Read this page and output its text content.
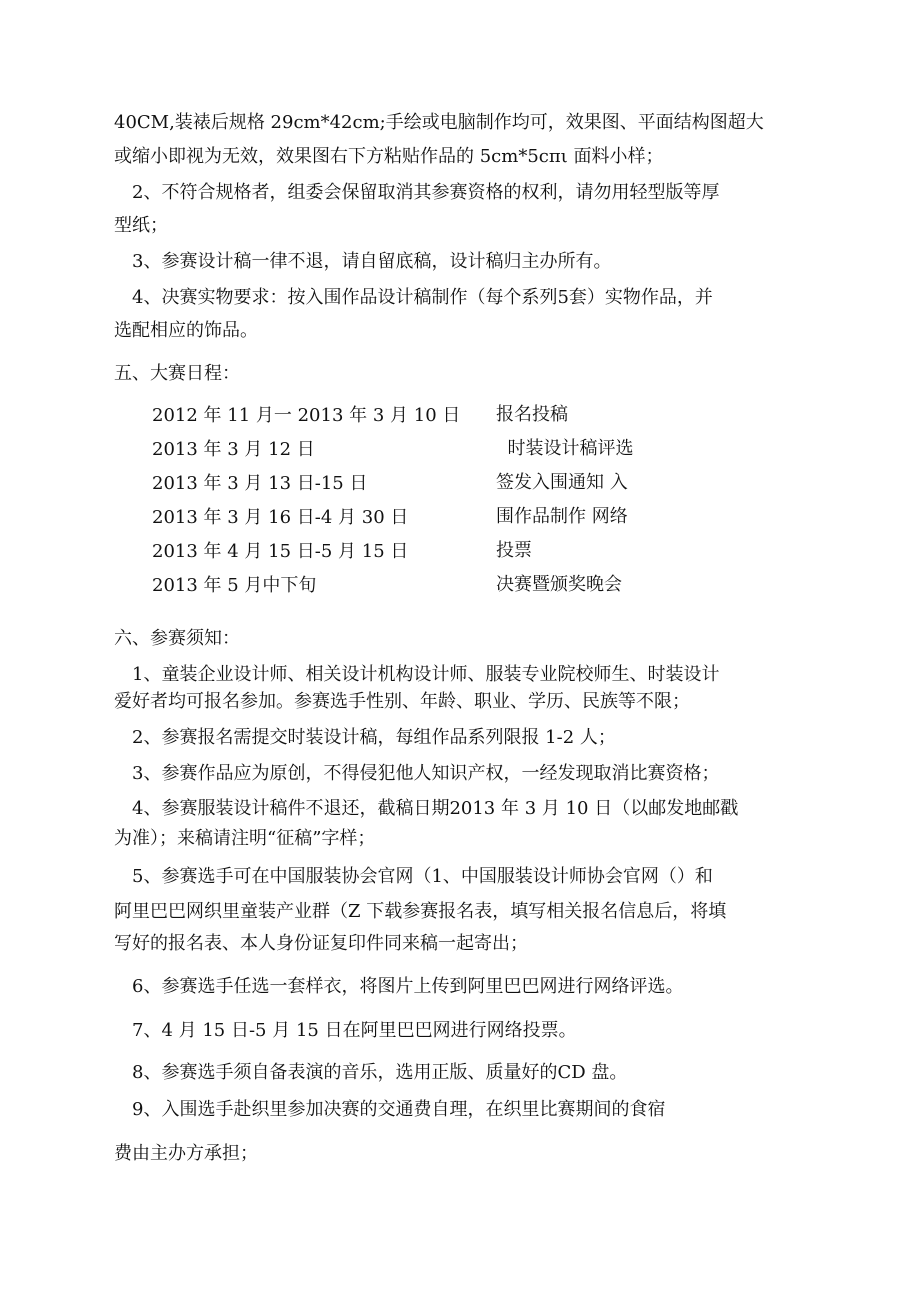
40CM,装裱后规格 29cm*42cm;手绘或电脑制作均可，效果图、平面结构图超大
或缩小即视为无效，效果图右下方粘贴作品的 5cm*5cπι 面料小样；
2、不符合规格者，组委会保留取消其参赛资格的权利，请勿用轻型版等厚
型纸；
3、参赛设计稿一律不退，请自留底稿，设计稿归主办所有。
4、决赛实物要求：按入围作品设计稿制作（每个系列5套）实物作品，并
选配相应的饰品。
五、大赛日程：
2012 年 11 月一 2013 年 3 月 10 日
2013 年 3 月 12 日
2013 年 3 月 13 日-15 日
2013 年 3 月 16 日-4 月 30 日
2013 年 4 月 15 日-5 月 15 日
2013 年 5 月中下旬
报名投稿
时装设计稿评选
签发入围通知 入
围作品制作 网络
投票
决赛暨颁奖晚会
六、参赛须知：
1、童装企业设计师、相关设计机构设计师、服装专业院校师生、时装设计
爱好者均可报名参加。参赛选手性别、年龄、职业、学历、民族等不限；
2、参赛报名需提交时装设计稿，每组作品系列限报 1-2 人；
3、参赛作品应为原创，不得侵犯他人知识产权，一经发现取消比赛资格；
4、参赛服装设计稿件不退还，截稿日期2013 年 3 月 10 日（以邮发地邮戳
为准）；来稿请注明“征稿”字样；
5、参赛选手可在中国服装协会官网（1、中国服装设计师协会官网（）和
阿里巴巴网织里童装产业群（Z 下载参赛报名表，填写相关报名信息后，将填
写好的报名表、本人身份证复印件同来稿一起寄出；
6、参赛选手任选一套样衣，将图片上传到阿里巴巴网进行网络评选。
7、4 月 15 日-5 月 15 日在阿里巴巴网进行网络投票。
8、参赛选手须自备表演的音乐，选用正版、质量好的CD 盘。
9、入围选手赴织里参加决赛的交通费自理，在织里比赛期间的食宿
费由主办方承担；
